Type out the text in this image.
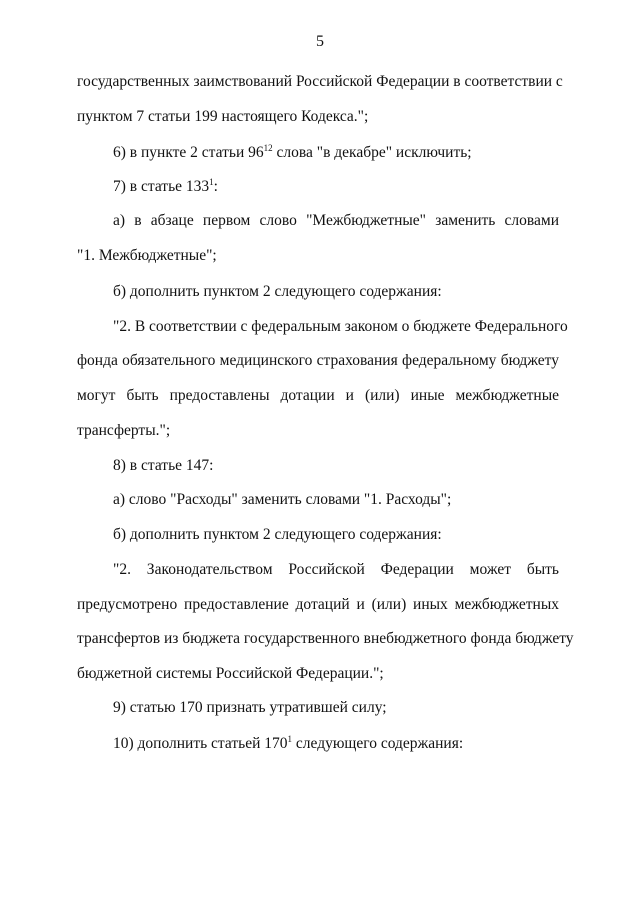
5
государственных заимствований Российской Федерации в соответствии с
пунктом 7 статьи 199 настоящего Кодекса.";
6) в пункте 2 статьи $96^{12}$ слова "в декабре" исключить;
7) в статье $133^1$:
а) в абзаце первом слово "Межбюджетные" заменить словами
"1. Межбюджетные";
б) дополнить пунктом 2 следующего содержания:
"2. В соответствии с федеральным законом о бюджете Федерального
фонда обязательного медицинского страхования федеральному бюджету
могут быть предоставлены дотации и (или) иные межбюджетные
трансферты.";
8) в статье 147:
а) слово "Расходы" заменить словами "1. Расходы";
б) дополнить пунктом 2 следующего содержания:
"2. Законодательством Российской Федерации может быть
предусмотрено предоставление дотаций и (или) иных межбюджетных
трансфертов из бюджета государственного внебюджетного фонда бюджету
бюджетной системы Российской Федерации.";
9) статью 170 признать утратившей силу;
10) дополнить статьей $170^1$ следующего содержания:
